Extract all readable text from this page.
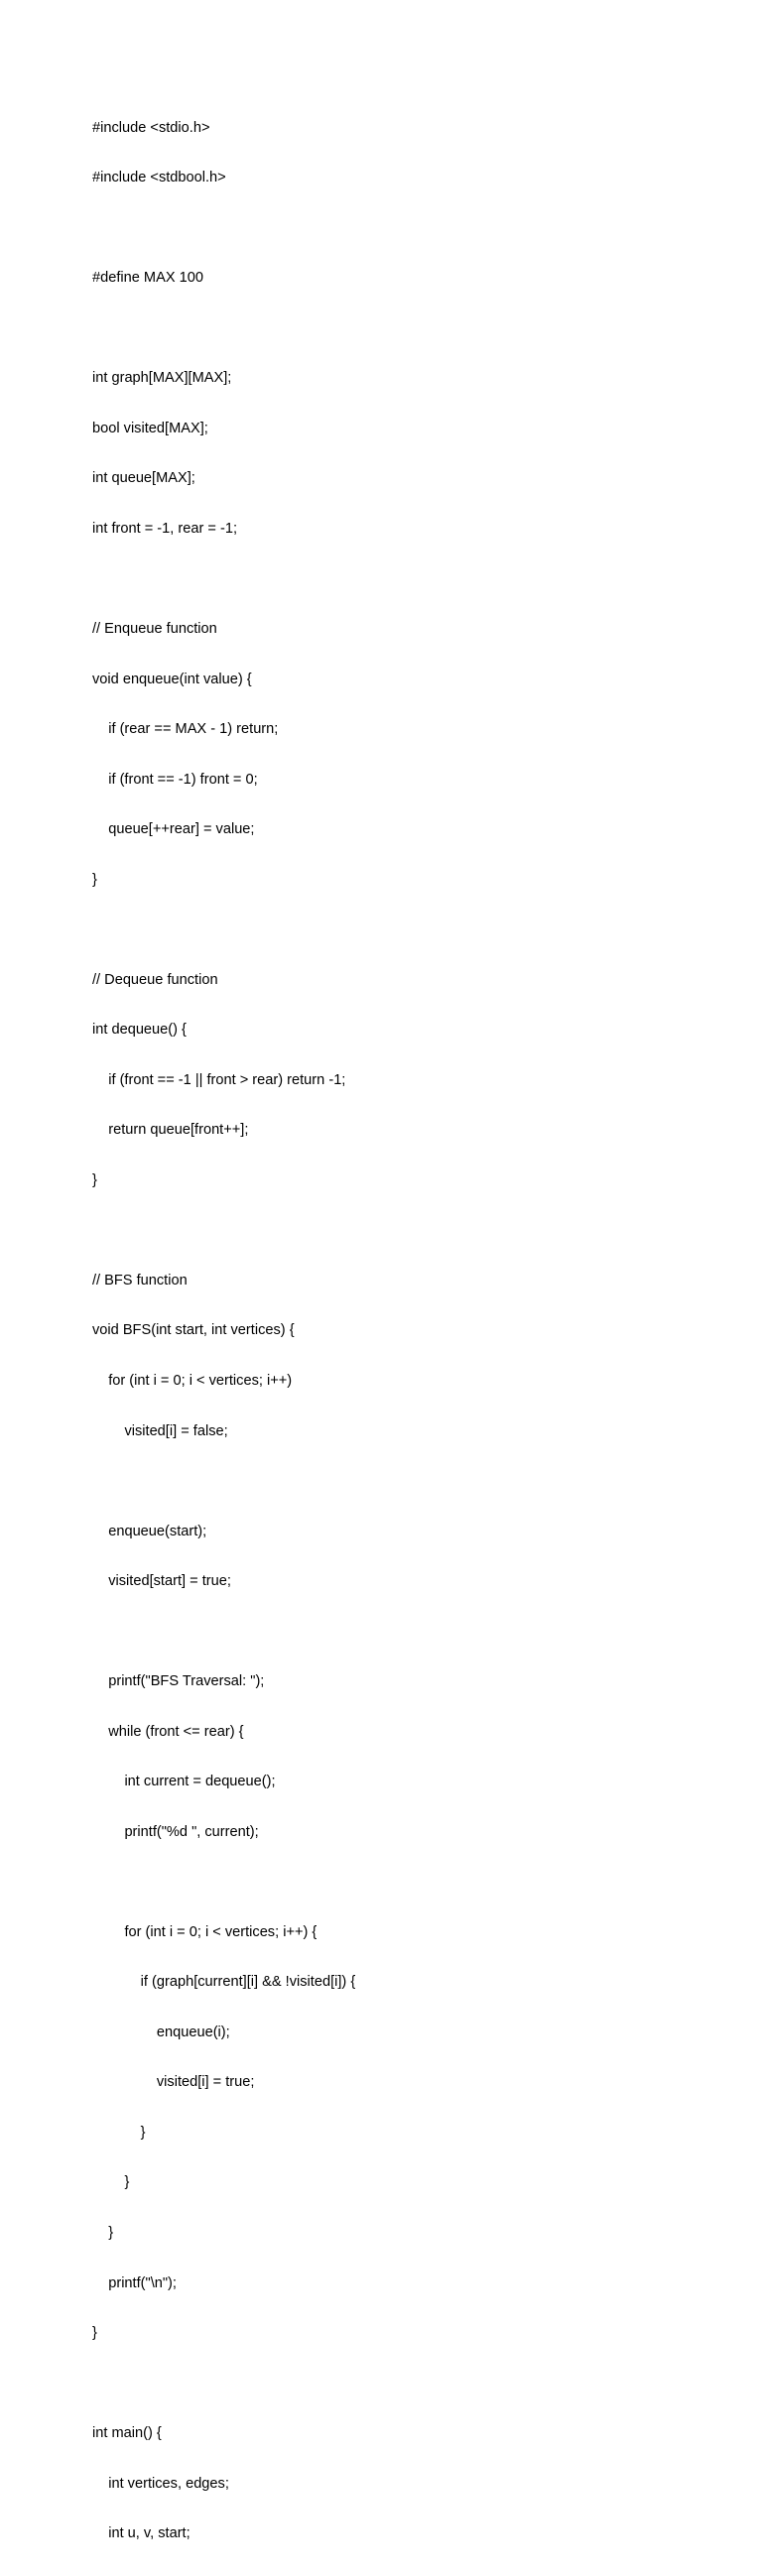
#include <stdio.h>

#include <stdbool.h>

#define MAX 100

int graph[MAX][MAX];

bool visited[MAX];

int queue[MAX];

int front = -1, rear = -1;

// Enqueue function

void enqueue(int value) {

	if (rear == MAX - 1) return;

	if (front == -1) front = 0;

	queue[++rear] = value;

}

// Dequeue function

int dequeue() {

	if (front == -1 || front > rear) return -1;

	return queue[front++];

}

// BFS function

void BFS(int start, int vertices) {

	for (int i = 0; i < vertices; i++)

		visited[i] = false;

	enqueue(start);

	visited[start] = true;

	printf("BFS Traversal: ");

	while (front <= rear) {

		int current = dequeue();

		printf("%d ", current);

		for (int i = 0; i < vertices; i++) {

			if (graph[current][i] && !visited[i]) {

				enqueue(i);

				visited[i] = true;

			}

		}

	}

	printf("\n");

}

int main() {

	int vertices, edges;

	int u, v, start;
